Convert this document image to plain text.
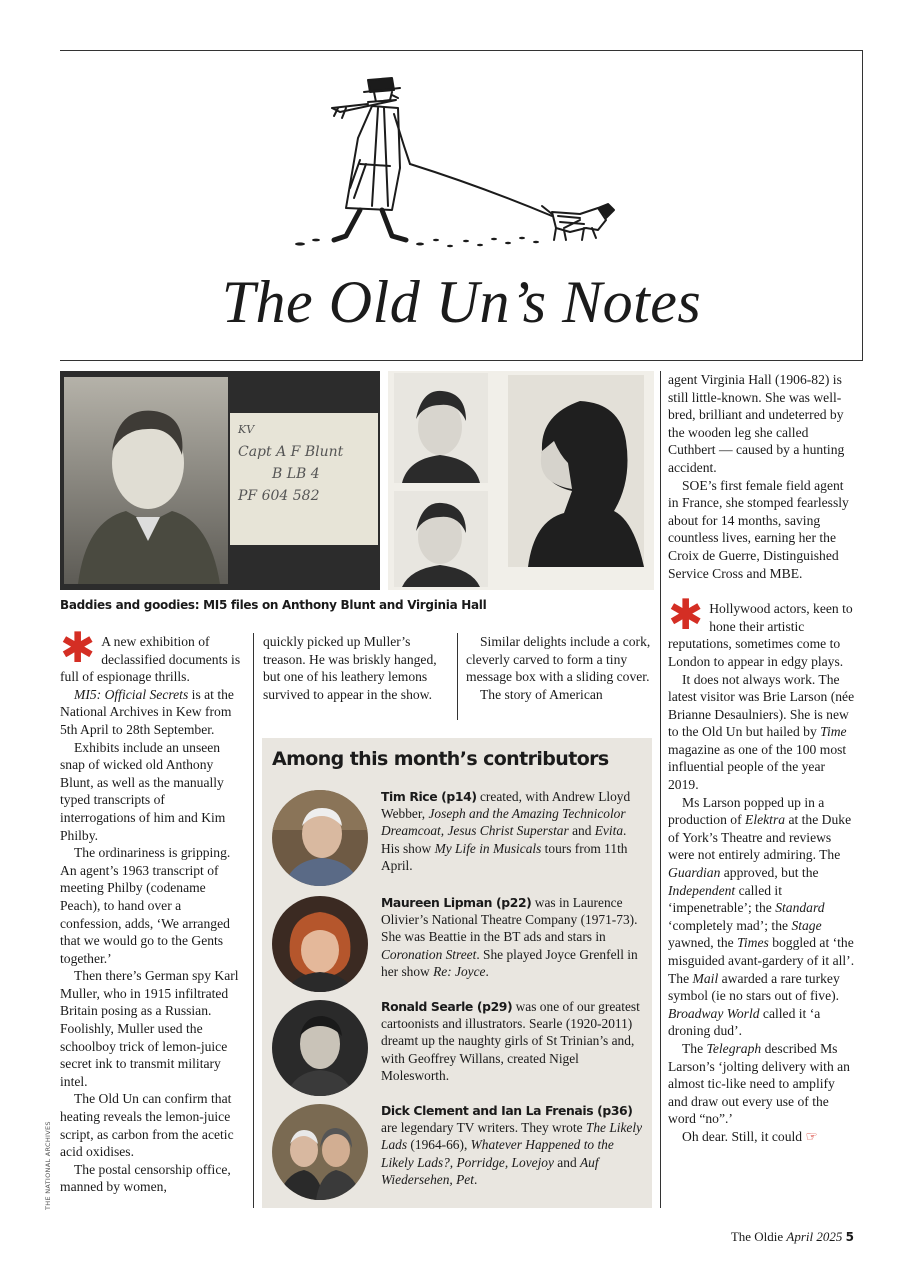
The Old Un’s Notes
KV
Capt A F Blunt
B LB 4
PF 604 582
Baddies and goodies: MI5 files on Anthony Blunt and Virginia Hall

✱ A new exhibition of declassified documents is full of espionage thrills.

MI5: Official Secrets is at the National Archives in Kew from 5th April to 28th September.

Exhibits include an unseen snap of wicked old Anthony Blunt, as well as the manually typed transcripts of interrogations of him and Kim Philby.

The ordinariness is gripping. An agent’s 1963 transcript of meeting Philby (codename Peach), to hand over a confession, adds, ‘We arranged that we would go to the Gents together.’

Then there’s German spy Karl Muller, who in 1915 infiltrated Britain posing as a Russian. Foolishly, Muller used the schoolboy trick of lemon-juice secret ink to transmit military intel.

The Old Un can confirm that heating reveals the lemon-juice script, as carbon from the acetic acid oxidises.

The postal censorship office, manned by women,

quickly picked up Muller’s treason. He was briskly hanged, but one of his leathery lemons survived to appear in the show.

Similar delights include a cork, cleverly carved to form a tiny message box with a sliding cover.

The story of American

Among this month’s contributors
Tim Rice (p14) created, with Andrew Lloyd Webber, Joseph and the Amazing Technicolor Dreamcoat, Jesus Christ Superstar and Evita. His show My Life in Musicals tours from 11th April.
Maureen Lipman (p22) was in Laurence Olivier’s National Theatre Company (1971-73). She was Beattie in the BT ads and stars in Coronation Street. She played Joyce Grenfell in her show Re: Joyce.
Ronald Searle (p29) was one of our greatest cartoonists and illustrators. Searle (1920-2011) dreamt up the naughty girls of St Trinian’s and, with Geoffrey Willans, created Nigel Molesworth.
Dick Clement and Ian La Frenais (p36) are legendary TV writers. They wrote The Likely Lads (1964-66), Whatever Happened to the Likely Lads?, Porridge, Lovejoy and Auf Wiedersehen, Pet.

agent Virginia Hall (1906-82) is still little-known. She was well-bred, brilliant and undeterred by the wooden leg she called Cuthbert — caused by a hunting accident.

SOE’s first female field agent in France, she stomped fearlessly about for 14 months, saving countless lives, earning her the Croix de Guerre, Distinguished Service Cross and MBE.

✱ Hollywood actors, keen to hone their artistic reputations, sometimes come to London to appear in edgy plays.

It does not always work. The latest visitor was Brie Larson (née Brianne Desaulniers). She is new to the Old Un but hailed by Time magazine as one of the 100 most influential people of the year 2019.

Ms Larson popped up in a production of Elektra at the Duke of York’s Theatre and reviews were not entirely admiring. The Guardian approved, but the Independent called it ‘impenetrable’; the Standard ‘completely mad’; the Stage yawned, the Times boggled at ‘the misguided avant-gardery of it all’. The Mail awarded a rare turkey symbol (ie no stars out of five). Broadway World called it ‘a droning dud’.

The Telegraph described Ms Larson’s ‘jolting delivery with an almost tic-like need to amplify and draw out every use of the word “no”.’

Oh dear. Still, it could ☞

THE NATIONAL ARCHIVES
The Oldie April 2025 5
